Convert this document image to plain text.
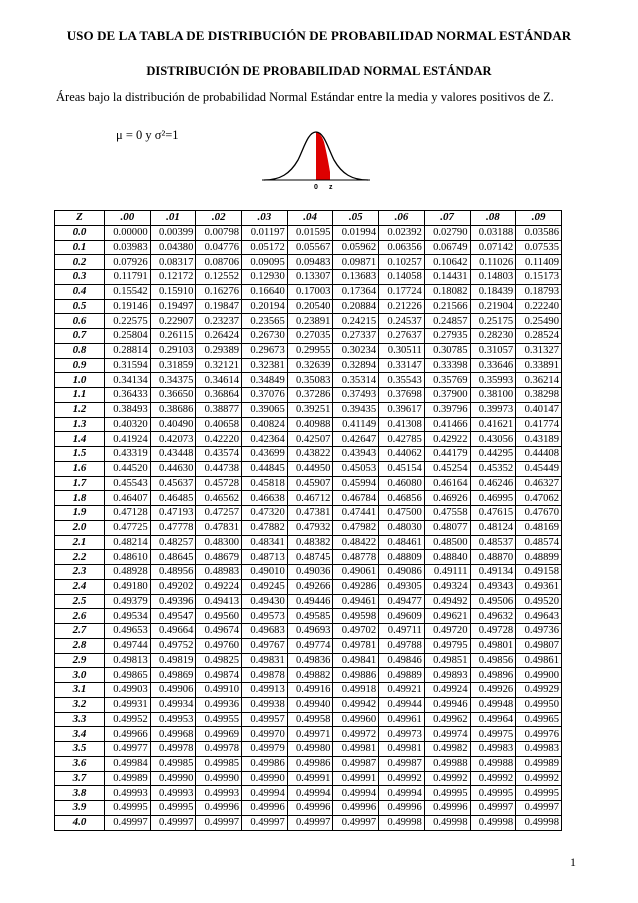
USO DE LA TABLA DE DISTRIBUCIÓN DE PROBABILIDAD NORMAL ESTÁNDAR
DISTRIBUCIÓN DE PROBABILIDAD NORMAL ESTÁNDAR
Áreas bajo la distribución de probabilidad Normal Estándar entre la media y valores positivos de Z.
μ = 0 y σ²=1
0 z
Z	.00	.01	.02	.03	.04	.05	.06	.07	.08	.09
0.0	0.00000	0.00399	0.00798	0.01197	0.01595	0.01994	0.02392	0.02790	0.03188	0.03586
0.1	0.03983	0.04380	0.04776	0.05172	0.05567	0.05962	0.06356	0.06749	0.07142	0.07535
0.2	0.07926	0.08317	0.08706	0.09095	0.09483	0.09871	0.10257	0.10642	0.11026	0.11409
0.3	0.11791	0.12172	0.12552	0.12930	0.13307	0.13683	0.14058	0.14431	0.14803	0.15173
0.4	0.15542	0.15910	0.16276	0.16640	0.17003	0.17364	0.17724	0.18082	0.18439	0.18793
0.5	0.19146	0.19497	0.19847	0.20194	0.20540	0.20884	0.21226	0.21566	0.21904	0.22240
0.6	0.22575	0.22907	0.23237	0.23565	0.23891	0.24215	0.24537	0.24857	0.25175	0.25490
0.7	0.25804	0.26115	0.26424	0.26730	0.27035	0.27337	0.27637	0.27935	0.28230	0.28524
0.8	0.28814	0.29103	0.29389	0.29673	0.29955	0.30234	0.30511	0.30785	0.31057	0.31327
0.9	0.31594	0.31859	0.32121	0.32381	0.32639	0.32894	0.33147	0.33398	0.33646	0.33891
1.0	0.34134	0.34375	0.34614	0.34849	0.35083	0.35314	0.35543	0.35769	0.35993	0.36214
1.1	0.36433	0.36650	0.36864	0.37076	0.37286	0.37493	0.37698	0.37900	0.38100	0.38298
1.2	0.38493	0.38686	0.38877	0.39065	0.39251	0.39435	0.39617	0.39796	0.39973	0.40147
1.3	0.40320	0.40490	0.40658	0.40824	0.40988	0.41149	0.41308	0.41466	0.41621	0.41774
1.4	0.41924	0.42073	0.42220	0.42364	0.42507	0.42647	0.42785	0.42922	0.43056	0.43189
1.5	0.43319	0.43448	0.43574	0.43699	0.43822	0.43943	0.44062	0.44179	0.44295	0.44408
1.6	0.44520	0.44630	0.44738	0.44845	0.44950	0.45053	0.45154	0.45254	0.45352	0.45449
1.7	0.45543	0.45637	0.45728	0.45818	0.45907	0.45994	0.46080	0.46164	0.46246	0.46327
1.8	0.46407	0.46485	0.46562	0.46638	0.46712	0.46784	0.46856	0.46926	0.46995	0.47062
1.9	0.47128	0.47193	0.47257	0.47320	0.47381	0.47441	0.47500	0.47558	0.47615	0.47670
2.0	0.47725	0.47778	0.47831	0.47882	0.47932	0.47982	0.48030	0.48077	0.48124	0.48169
2.1	0.48214	0.48257	0.48300	0.48341	0.48382	0.48422	0.48461	0.48500	0.48537	0.48574
2.2	0.48610	0.48645	0.48679	0.48713	0.48745	0.48778	0.48809	0.48840	0.48870	0.48899
2.3	0.48928	0.48956	0.48983	0.49010	0.49036	0.49061	0.49086	0.49111	0.49134	0.49158
2.4	0.49180	0.49202	0.49224	0.49245	0.49266	0.49286	0.49305	0.49324	0.49343	0.49361
2.5	0.49379	0.49396	0.49413	0.49430	0.49446	0.49461	0.49477	0.49492	0.49506	0.49520
2.6	0.49534	0.49547	0.49560	0.49573	0.49585	0.49598	0.49609	0.49621	0.49632	0.49643
2.7	0.49653	0.49664	0.49674	0.49683	0.49693	0.49702	0.49711	0.49720	0.49728	0.49736
2.8	0.49744	0.49752	0.49760	0.49767	0.49774	0.49781	0.49788	0.49795	0.49801	0.49807
2.9	0.49813	0.49819	0.49825	0.49831	0.49836	0.49841	0.49846	0.49851	0.49856	0.49861
3.0	0.49865	0.49869	0.49874	0.49878	0.49882	0.49886	0.49889	0.49893	0.49896	0.49900
3.1	0.49903	0.49906	0.49910	0.49913	0.49916	0.49918	0.49921	0.49924	0.49926	0.49929
3.2	0.49931	0.49934	0.49936	0.49938	0.49940	0.49942	0.49944	0.49946	0.49948	0.49950
3.3	0.49952	0.49953	0.49955	0.49957	0.49958	0.49960	0.49961	0.49962	0.49964	0.49965
3.4	0.49966	0.49968	0.49969	0.49970	0.49971	0.49972	0.49973	0.49974	0.49975	0.49976
3.5	0.49977	0.49978	0.49978	0.49979	0.49980	0.49981	0.49981	0.49982	0.49983	0.49983
3.6	0.49984	0.49985	0.49985	0.49986	0.49986	0.49987	0.49987	0.49988	0.49988	0.49989
3.7	0.49989	0.49990	0.49990	0.49990	0.49991	0.49991	0.49992	0.49992	0.49992	0.49992
3.8	0.49993	0.49993	0.49993	0.49994	0.49994	0.49994	0.49994	0.49995	0.49995	0.49995
3.9	0.49995	0.49995	0.49996	0.49996	0.49996	0.49996	0.49996	0.49996	0.49997	0.49997
4.0	0.49997	0.49997	0.49997	0.49997	0.49997	0.49997	0.49998	0.49998	0.49998	0.49998
1
